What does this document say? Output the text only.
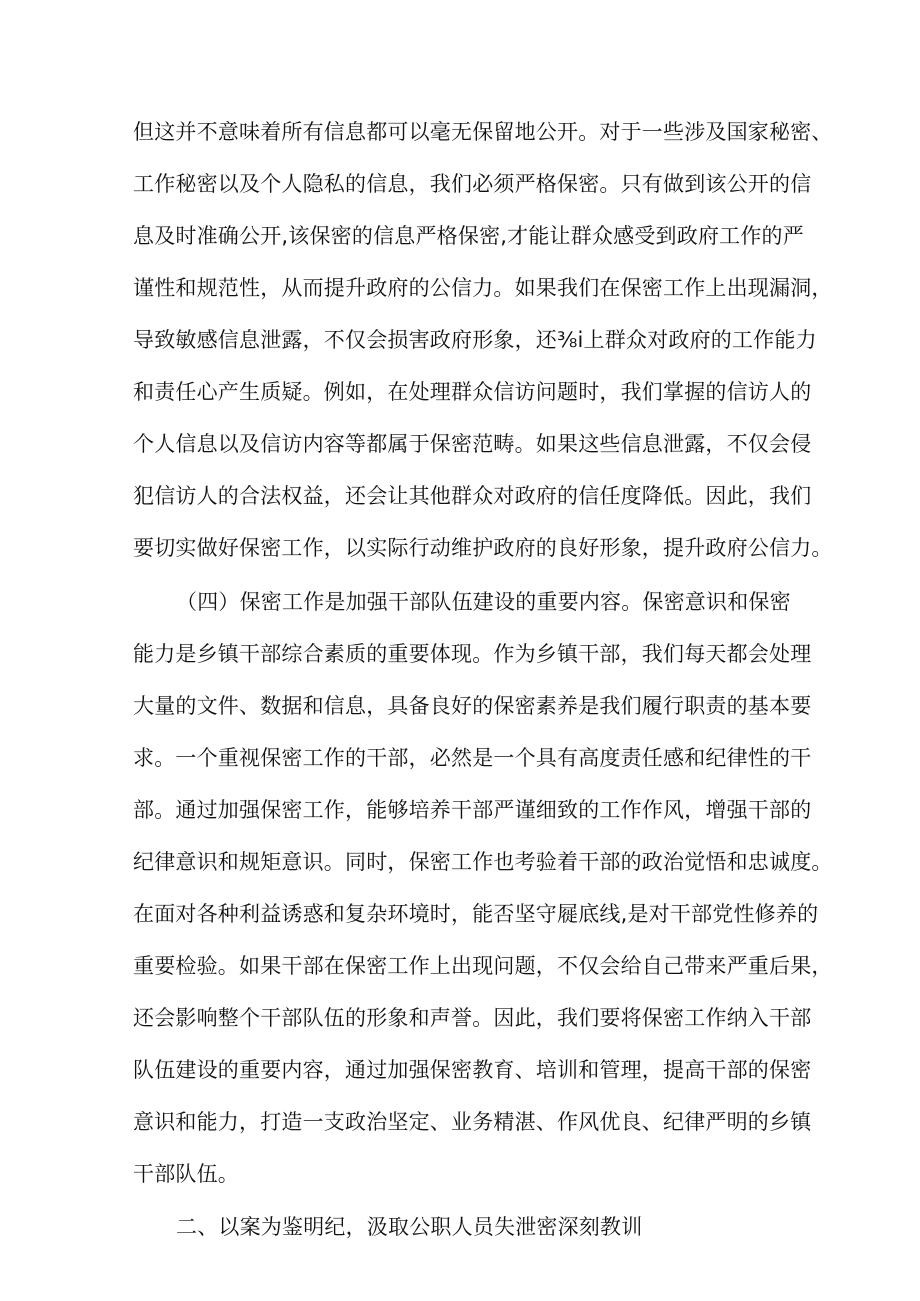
但这并不意味着所有信息都可以毫无保留地公开。对于一些涉及国家秘密、
工作秘密以及个人隐私的信息，我们必须严格保密。只有做到该公开的信
息及时准确公开,该保密的信息严格保密,才能让群众感受到政府工作的严
谨性和规范性，从而提升政府的公信力。如果我们在保密工作上出现漏洞，
导致敏感信息泄露，不仅会损害政府形象，还⅜i上群众对政府的工作能力
和责任心产生质疑。例如，在处理群众信访问题时，我们掌握的信访人的
个人信息以及信访内容等都属于保密范畴。如果这些信息泄露，不仅会侵
犯信访人的合法权益，还会让其他群众对政府的信任度降低。因此，我们
要切实做好保密工作，以实际行动维护政府的良好形象，提升政府公信力。
（四）保密工作是加强干部队伍建设的重要内容。保密意识和保密
能力是乡镇干部综合素质的重要体现。作为乡镇干部，我们每天都会处理
大量的文件、数据和信息，具备良好的保密素养是我们履行职责的基本要
求。一个重视保密工作的干部，必然是一个具有高度责任感和纪律性的干
部。通过加强保密工作，能够培养干部严谨细致的工作作风，增强干部的
纪律意识和规矩意识。同时，保密工作也考验着干部的政治觉悟和忠诚度。
在面对各种利益诱惑和复杂环境时，能否坚守屣底线,是对干部党性修养的
重要检验。如果干部在保密工作上出现问题，不仅会给自己带来严重后果，
还会影响整个干部队伍的形象和声誉。因此，我们要将保密工作纳入干部
队伍建设的重要内容，通过加强保密教育、培训和管理，提高干部的保密
意识和能力，打造一支政治坚定、业务精湛、作风优良、纪律严明的乡镇
干部队伍。
二、以案为鉴明纪，汲取公职人员失泄密深刻教训
